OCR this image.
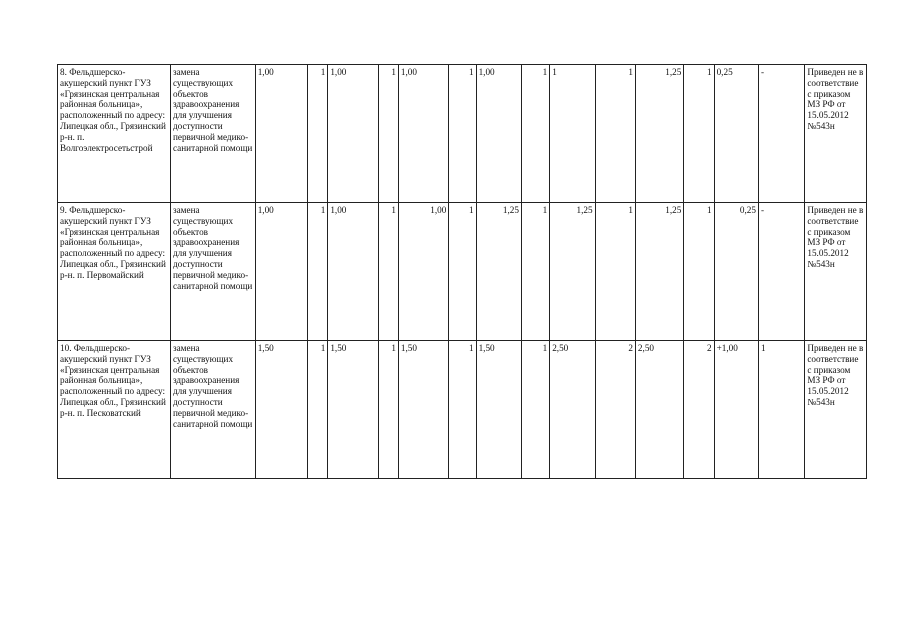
8. Фельдшерско-акушерский пункт ГУЗ «Грязинская центральная районная больница», расположенный по адресу: Липецкая обл., Грязинский р-н. п. Волгоэлектросетьстрой	замена существующих объектов здравоохранения для улучшения доступности первичной медико-санитарной помощи	1,00	1	1,00	1	1,00	1	1,00	1	1	1	1,25	1	0,25	-	Приведен не в соответствие с приказом МЗ РФ от 15.05.2012 №543н
9. Фельдшерско-акушерский пункт ГУЗ «Грязинская центральная районная больница», расположенный по адресу: Липецкая обл., Грязинский р-н. п. Первомайский	замена существующих объектов здравоохранения для улучшения доступности первичной медико-санитарной помощи	1,00	1	1,00	1	1,00	1	1,25	1	1,25	1	1,25	1	0,25	-	Приведен не в соответствие с приказом МЗ РФ от 15.05.2012 №543н
10. Фельдшерско-акушерский пункт ГУЗ «Грязинская центральная районная больница», расположенный по адресу: Липецкая обл., Грязинский р-н. п. Песковатский	замена существующих объектов здравоохранения для улучшения доступности первичной медико-санитарной помощи	1,50	1	1,50	1	1,50	1	1,50	1	2,50	2	2,50	2	+1,00	1	Приведен не в соответствие с приказом МЗ РФ от 15.05.2012 №543н
